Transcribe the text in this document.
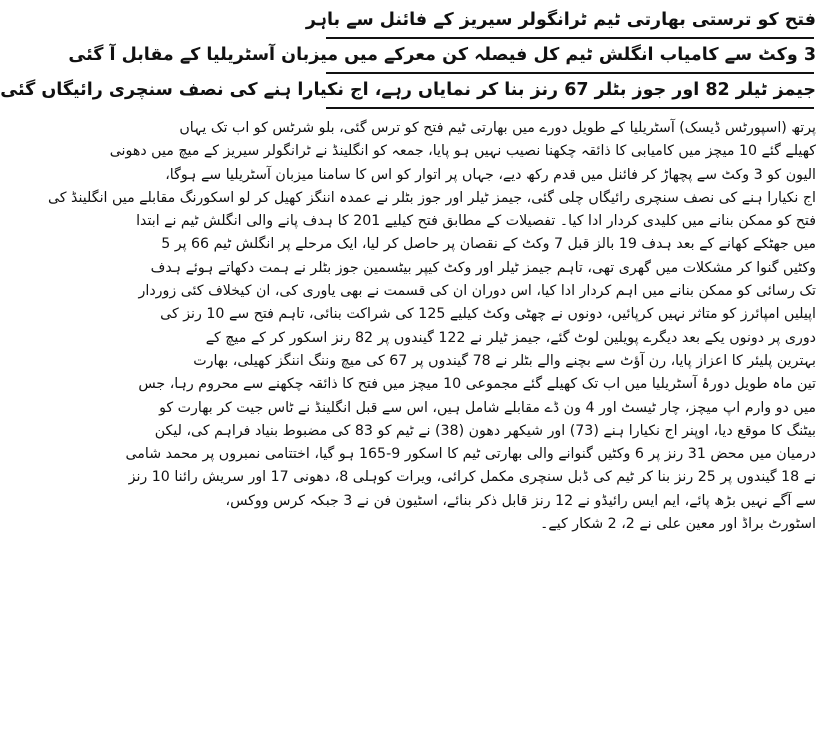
فتح کو ترستی بھارتی ٹیم ٹرانگولر سیریز کے فائنل سے باہر
3 وکٹ سے کامیاب انگلش ٹیم کل فیصلہ کن معرکے میں میزبان آسٹریلیا کے مقابل آ گئی
جیمز ٹیلر 82 اور جوز بٹلر 67 رنز بنا کر نمایاں رہے، اج نکیارا ہنے کی نصف سنچری رائیگاں گئی
پرتھ (اسپورٹس ڈیسک) آسٹریلیا کے طویل دورے میں بھارتی ٹیم فتح کو ترس گئی، بلو شرٹس کو اب تک یہاں
کھیلے گئے 10 میچز میں کامیابی کا ذائقہ چکھنا نصیب نہیں ہو پایا، جمعہ کو انگلینڈ نے ٹرانگولر سیریز کے میچ میں دھونی
الیون کو 3 وکٹ سے پچھاڑ کر فائنل میں قدم رکھ دیے، جہاں پر اتوار کو اس کا سامنا میزبان آسٹریلیا سے ہوگا،
اج نکیارا ہنے کی نصف سنچری رائیگاں چلی گئی، جیمز ٹیلر اور جوز بٹلر نے عمدہ اننگز کھیل کر لو اسکورنگ مقابلے میں انگلینڈ کی
فتح کو ممکن بنانے میں کلیدی کردار ادا کیا۔ تفصیلات کے مطابق فتح کیلیے 201 کا ہدف پانے والی انگلش ٹیم نے ابتدا
میں جھٹکے کھانے کے بعد ہدف 19 بالز قبل 7 وکٹ کے نقصان پر حاصل کر لیا، ایک مرحلے پر انگلش ٹیم 66 پر 5
وکٹیں گنوا کر مشکلات میں گھری تھی، تاہم جیمز ٹیلر اور وکٹ کیپر بیٹسمین جوز بٹلر نے ہمت دکھاتے ہوئے ہدف
تک رسائی کو ممکن بنانے میں اہم کردار ادا کیا، اس دوران ان کی قسمت نے بھی یاوری کی، ان کیخلاف کئی زوردار
اپیلیں امپائرز کو متاثر نہیں کرپائیں، دونوں نے چھٹی وکٹ کیلیے 125 کی شراکت بنائی، تاہم فتح سے 10 رنز کی
دوری پر دونوں یکے بعد دیگرے پویلین لوٹ گئے، جیمز ٹیلر نے 122 گیندوں پر 82 رنز اسکور کر کے میچ کے
بہترین پلیئر کا اعزاز پایا، رن آؤٹ سے بچنے والے بٹلر نے 78 گیندوں پر 67 کی میچ وننگ اننگز کھیلی، بھارت
تین ماہ طویل دورۂ آسٹریلیا میں اب تک کھیلے گئے مجموعی 10 میچز میں فتح کا ذائقہ چکھنے سے محروم رہا، جس
میں دو وارم اپ میچز، چار ٹیسٹ اور 4 ون ڈے مقابلے شامل ہیں، اس سے قبل انگلینڈ نے ٹاس جیت کر بھارت کو
بیٹنگ کا موقع دیا، اوپنر اج نکیارا ہنے (73) اور شیکھر دھون (38) نے ٹیم کو 83 کی مضبوط بنیاد فراہم کی، لیکن
درمیان میں محض 31 رنز پر 6 وکٹیں گنوانے والی بھارتی ٹیم کا اسکور 9-165 ہو گیا، اختتامی نمبروں پر محمد شامی
نے 18 گیندوں پر 25 رنز بنا کر ٹیم کی ڈبل سنچری مکمل کرائی، ویرات کوہلی 8، دھونی 17 اور سریش رائنا 10 رنز
سے آگے نہیں بڑھ پائے، ایم ایس رائیڈو نے 12 رنز قابل ذکر بنائے، اسٹیون فن نے 3 جبکہ کرس ووکس،
اسٹورٹ براڈ اور معین علی نے 2، 2 شکار کیے۔
